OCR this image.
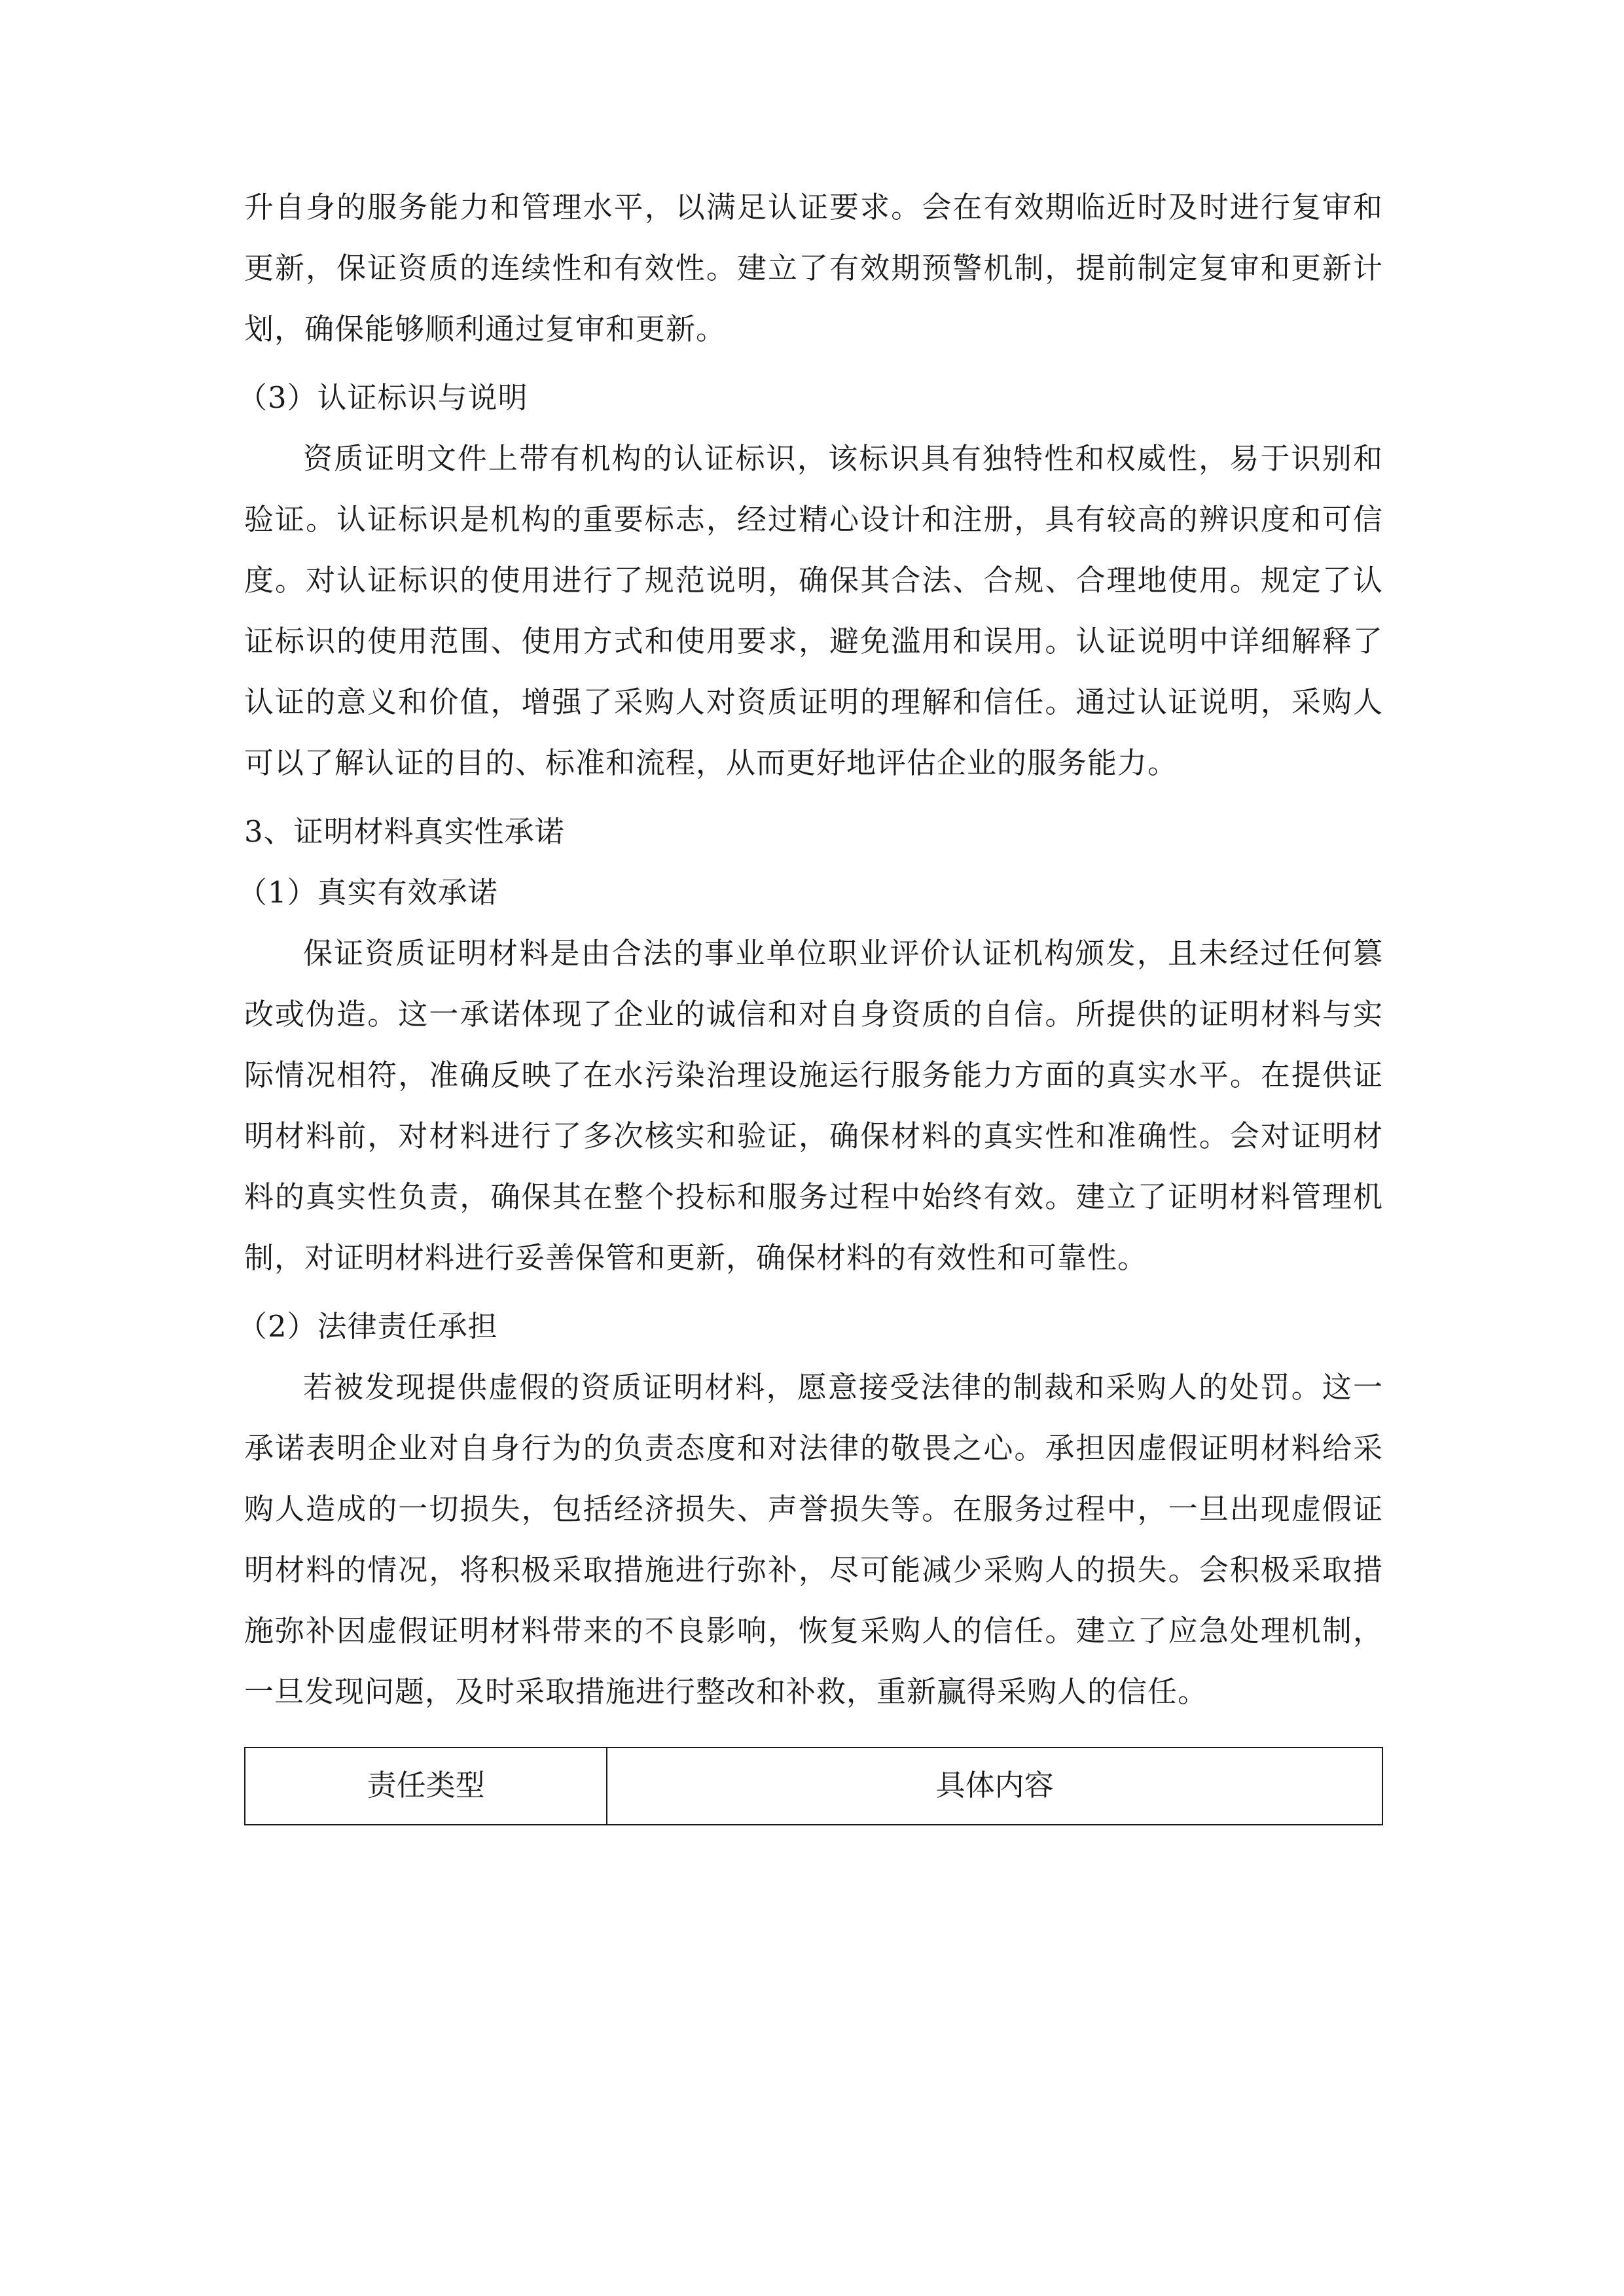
升自身的服务能力和管理水平，以满足认证要求。会在有效期临近时及时进行复审和更新，保证资质的连续性和有效性。建立了有效期预警机制，提前制定复审和更新计划，确保能够顺利通过复审和更新。

（3）认证标识与说明

资质证明文件上带有机构的认证标识，该标识具有独特性和权威性，易于识别和验证。认证标识是机构的重要标志，经过精心设计和注册，具有较高的辨识度和可信度。对认证标识的使用进行了规范说明，确保其合法、合规、合理地使用。规定了认证标识的使用范围、使用方式和使用要求，避免滥用和误用。认证说明中详细解释了认证的意义和价值，增强了采购人对资质证明的理解和信任。通过认证说明，采购人可以了解认证的目的、标准和流程，从而更好地评估企业的服务能力。

3、证明材料真实性承诺

（1）真实有效承诺

保证资质证明材料是由合法的事业单位职业评价认证机构颁发，且未经过任何篡改或伪造。这一承诺体现了企业的诚信和对自身资质的自信。所提供的证明材料与实际情况相符，准确反映了在水污染治理设施运行服务能力方面的真实水平。在提供证明材料前，对材料进行了多次核实和验证，确保材料的真实性和准确性。会对证明材料的真实性负责，确保其在整个投标和服务过程中始终有效。建立了证明材料管理机制，对证明材料进行妥善保管和更新，确保材料的有效性和可靠性。

（2）法律责任承担

若被发现提供虚假的资质证明材料，愿意接受法律的制裁和采购人的处罚。这一承诺表明企业对自身行为的负责态度和对法律的敬畏之心。承担因虚假证明材料给采购人造成的一切损失，包括经济损失、声誉损失等。在服务过程中，一旦出现虚假证明材料的情况，将积极采取措施进行弥补，尽可能减少采购人的损失。会积极采取措施弥补因虚假证明材料带来的不良影响，恢复采购人的信任。建立了应急处理机制，一旦发现问题，及时采取措施进行整改和补救，重新赢得采购人的信任。

责任类型	具体内容
